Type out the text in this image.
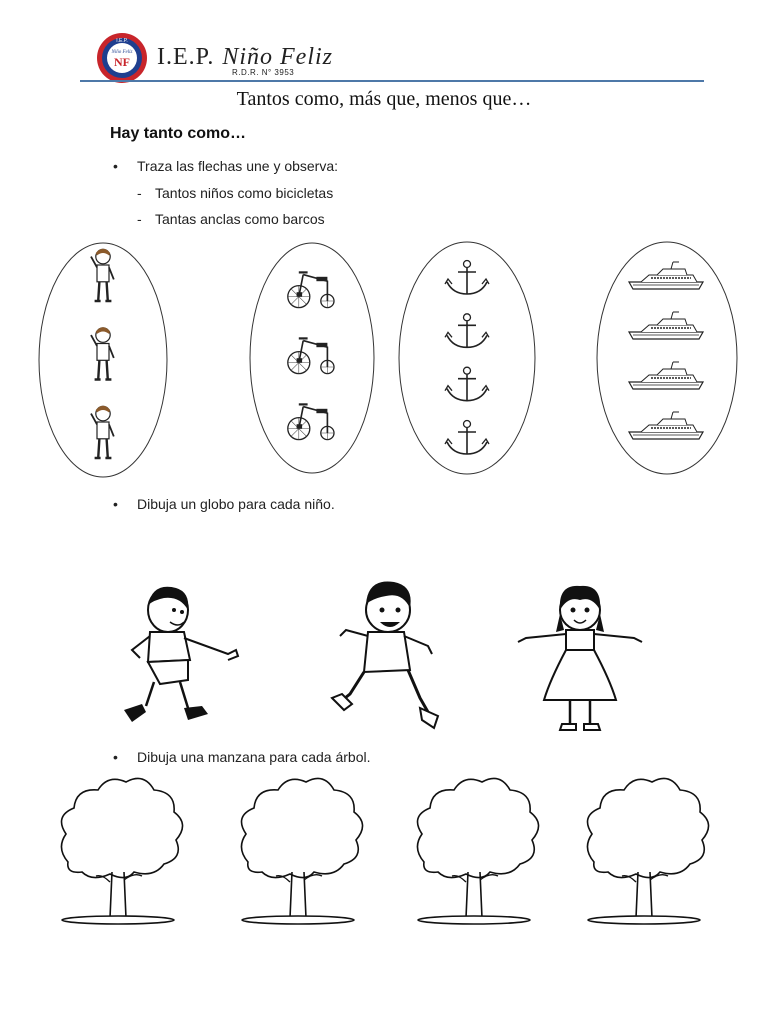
I.E.P.
Niño Feliz
NF I.E.P. Niño Feliz
R.D.R. N° 3953
Tantos como, más que, menos que…
Hay tanto como…
• Traza las flechas une y observa:
- Tantos niños como bicicletas
- Tantas anclas como barcos
• Dibuja un globo para cada niño.
• Dibuja una manzana para cada árbol.
